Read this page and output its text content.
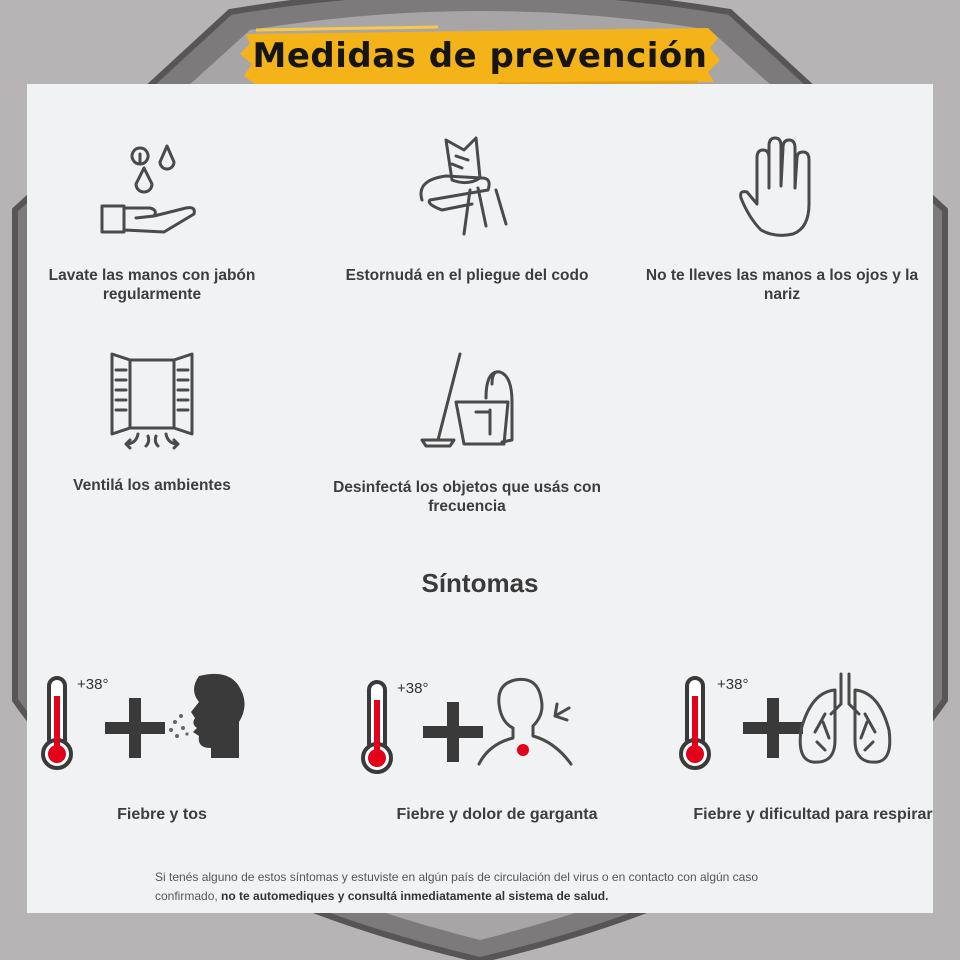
Medidas de prevención
Lavate las manos con jabón regularmente
Estornudá en el pliegue del codo	No te lleves las manos a los ojos y la nariz
Ventilá los ambientes	Desinfectá los objetos que usás con frecuencia
Síntomas
+38°
Fiebre y tos
+38°
Fiebre y dolor de garganta
+38°
Fiebre y dificultad para respirar
Si tenés alguno de estos síntomas y estuviste en algún país de circulación del virus o en contacto con algún caso confirmado, no te automediques y consultá inmediatamente al sistema de salud.
